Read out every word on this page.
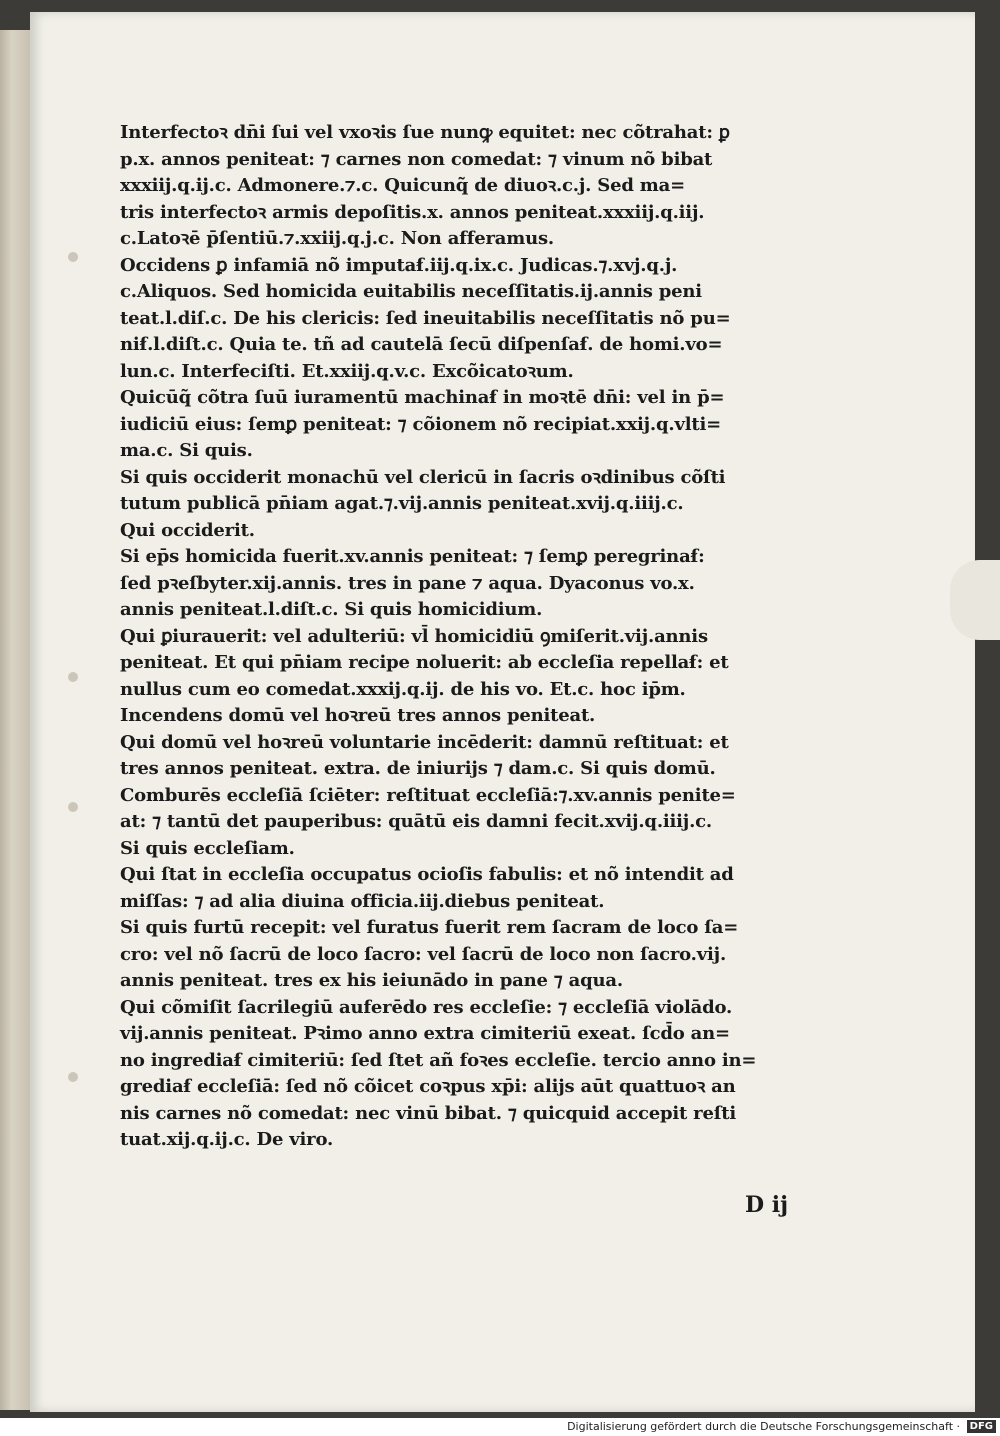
Interfectoꝛ dn̄i ſui vel vxoꝛis ſue nunꝙ equitet: nec cõtrahat: ꝑ
p.x. annos peniteat: ⁊ carnes non comedat: ⁊ vinum nõ bibat
xxxiij.q.ij.c. Admonere.⁊.c. Quicunq̃ de diuoꝛ.c.j. Sed ma=
tris interfectoꝛ armis depoſitis.x. annos peniteat.xxxiij.q.iij.
c.Latoꝛē p̄ſentiū.⁊.xxiij.q.j.c. Non afferamus.
Occidens ꝑ infamiā nõ imputaẜ.iij.q.ix.c. Judicas.⁊.xvj.q.j.
c.Aliquos. Sed homicida euitabilis neceſſitatis.ij.annis peni
teat.l.diſ.c. De his clericis: ſed ineuitabilis neceſſitatis nõ pu=
niẜ.l.diſt.c. Quia te. tñ ad cautelā ſecū diſpenſaẜ. de homi.vo=
lun.c. Interfeciſti. Et.xxiij.q.v.c. Excõicatoꝛum.
Quicūq̃ cõtra ſuū iuramentū machinaẜ in moꝛtē dn̄i: vel in p̄=
iudiciū eius: ſemꝑ peniteat: ⁊ cõionem nõ recipiat.xxij.q.vlti=
ma.c. Si quis.
Si quis occiderit monachū vel clericū in ſacris oꝛdinibus cõſti
tutum publicā pn̄iam agat.⁊.vij.annis peniteat.xvij.q.iiij.c.
Qui occiderit.
Si ep̄s homicida fuerit.xv.annis peniteat: ⁊ ſemꝑ peregrinaẜ:
ſed pꝛeſbyter.xij.annis. tres in pane ⁊ aqua. Dyaconus vo.x.
annis peniteat.l.diſt.c. Si quis homicidium.
Qui ꝑiurauerit: vel adulteriū: vl̄ homicidiū ꝯmiſerit.vij.annis
peniteat. Et qui pn̄iam recipe noluerit: ab eccleſia repellaẜ: et
nullus cum eo comedat.xxxij.q.ij. de his vo. Et.c. hoc ip̄m.
Incendens domū vel hoꝛreū tres annos peniteat.
Qui domū vel hoꝛreū voluntarie incēderit: damnū reſtituat: et
tres annos peniteat. extra. de iniurijs ⁊ dam.c. Si quis domū.
Comburēs eccleſiā ſciēter: reſtituat eccleſiā:⁊.xv.annis penite=
at: ⁊ tantū det pauperibus: quātū eis damni fecit.xvij.q.iiij.c.
Si quis eccleſiam.
Qui ſtat in eccleſia occupatus ocioſis fabulis: et nõ intendit ad
miſſas: ⁊ ad alia diuina officia.iij.diebus peniteat.
Si quis furtū recepit: vel furatus fuerit rem ſacram de loco ſa=
cro: vel nõ ſacrū de loco ſacro: vel ſacrū de loco non ſacro.vij.
annis peniteat. tres ex his ieiunādo in pane ⁊ aqua.
Qui cõmiſit ſacrilegiū auferēdo res eccleſie: ⁊ eccleſiā violādo.
vij.annis peniteat. Pꝛimo anno extra cimiteriū exeat. ſcd̄o an=
no ingrediaẜ cimiteriū: ſed ſtet añ foꝛes eccleſie. tercio anno in=
grediaẜ eccleſiā: ſed nõ cõicet coꝛpus xp̄i: alijs aūt quattuoꝛ an
nis carnes nõ comedat: nec vinū bibat. ⁊ quicquid accepit reſti
tuat.xij.q.ij.c. De viro.
D ij
Digitalisierung gefördert durch die Deutsche Forschungsgemeinschaft · DFG
